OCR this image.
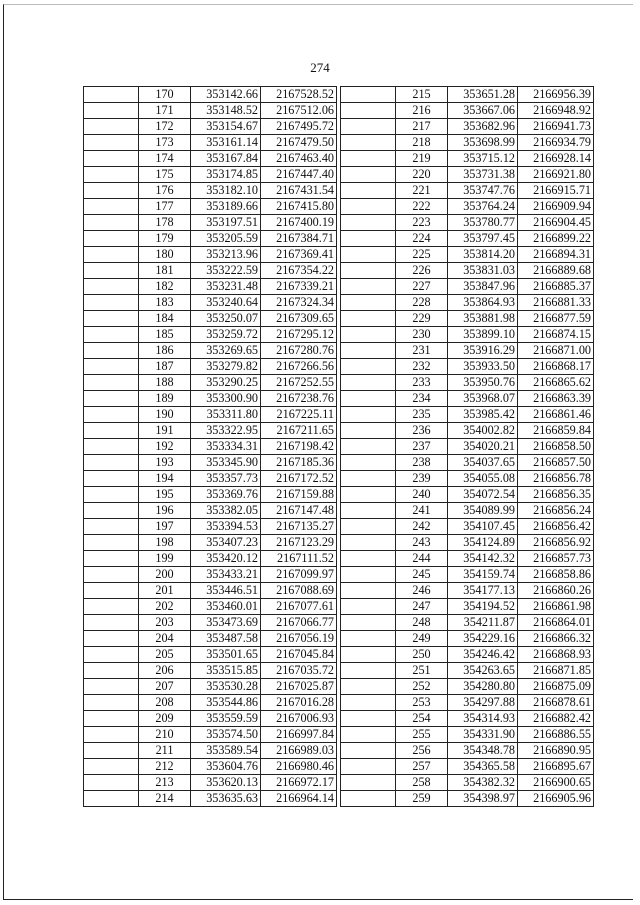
274
	170	353142.66	2167528.52
	171	353148.52	2167512.06
	172	353154.67	2167495.72
	173	353161.14	2167479.50
	174	353167.84	2167463.40
	175	353174.85	2167447.40
	176	353182.10	2167431.54
	177	353189.66	2167415.80
	178	353197.51	2167400.19
	179	353205.59	2167384.71
	180	353213.96	2167369.41
	181	353222.59	2167354.22
	182	353231.48	2167339.21
	183	353240.64	2167324.34
	184	353250.07	2167309.65
	185	353259.72	2167295.12
	186	353269.65	2167280.76
	187	353279.82	2167266.56
	188	353290.25	2167252.55
	189	353300.90	2167238.76
	190	353311.80	2167225.11
	191	353322.95	2167211.65
	192	353334.31	2167198.42
	193	353345.90	2167185.36
	194	353357.73	2167172.52
	195	353369.76	2167159.88
	196	353382.05	2167147.48
	197	353394.53	2167135.27
	198	353407.23	2167123.29
	199	353420.12	2167111.52
	200	353433.21	2167099.97
	201	353446.51	2167088.69
	202	353460.01	2167077.61
	203	353473.69	2167066.77
	204	353487.58	2167056.19
	205	353501.65	2167045.84
	206	353515.85	2167035.72
	207	353530.28	2167025.87
	208	353544.86	2167016.28
	209	353559.59	2167006.93
	210	353574.50	2166997.84
	211	353589.54	2166989.03
	212	353604.76	2166980.46
	213	353620.13	2166972.17
	214	353635.63	2166964.14
	215	353651.28	2166956.39
	216	353667.06	2166948.92
	217	353682.96	2166941.73
	218	353698.99	2166934.79
	219	353715.12	2166928.14
	220	353731.38	2166921.80
	221	353747.76	2166915.71
	222	353764.24	2166909.94
	223	353780.77	2166904.45
	224	353797.45	2166899.22
	225	353814.20	2166894.31
	226	353831.03	2166889.68
	227	353847.96	2166885.37
	228	353864.93	2166881.33
	229	353881.98	2166877.59
	230	353899.10	2166874.15
	231	353916.29	2166871.00
	232	353933.50	2166868.17
	233	353950.76	2166865.62
	234	353968.07	2166863.39
	235	353985.42	2166861.46
	236	354002.82	2166859.84
	237	354020.21	2166858.50
	238	354037.65	2166857.50
	239	354055.08	2166856.78
	240	354072.54	2166856.35
	241	354089.99	2166856.24
	242	354107.45	2166856.42
	243	354124.89	2166856.92
	244	354142.32	2166857.73
	245	354159.74	2166858.86
	246	354177.13	2166860.26
	247	354194.52	2166861.98
	248	354211.87	2166864.01
	249	354229.16	2166866.32
	250	354246.42	2166868.93
	251	354263.65	2166871.85
	252	354280.80	2166875.09
	253	354297.88	2166878.61
	254	354314.93	2166882.42
	255	354331.90	2166886.55
	256	354348.78	2166890.95
	257	354365.58	2166895.67
	258	354382.32	2166900.65
	259	354398.97	2166905.96
